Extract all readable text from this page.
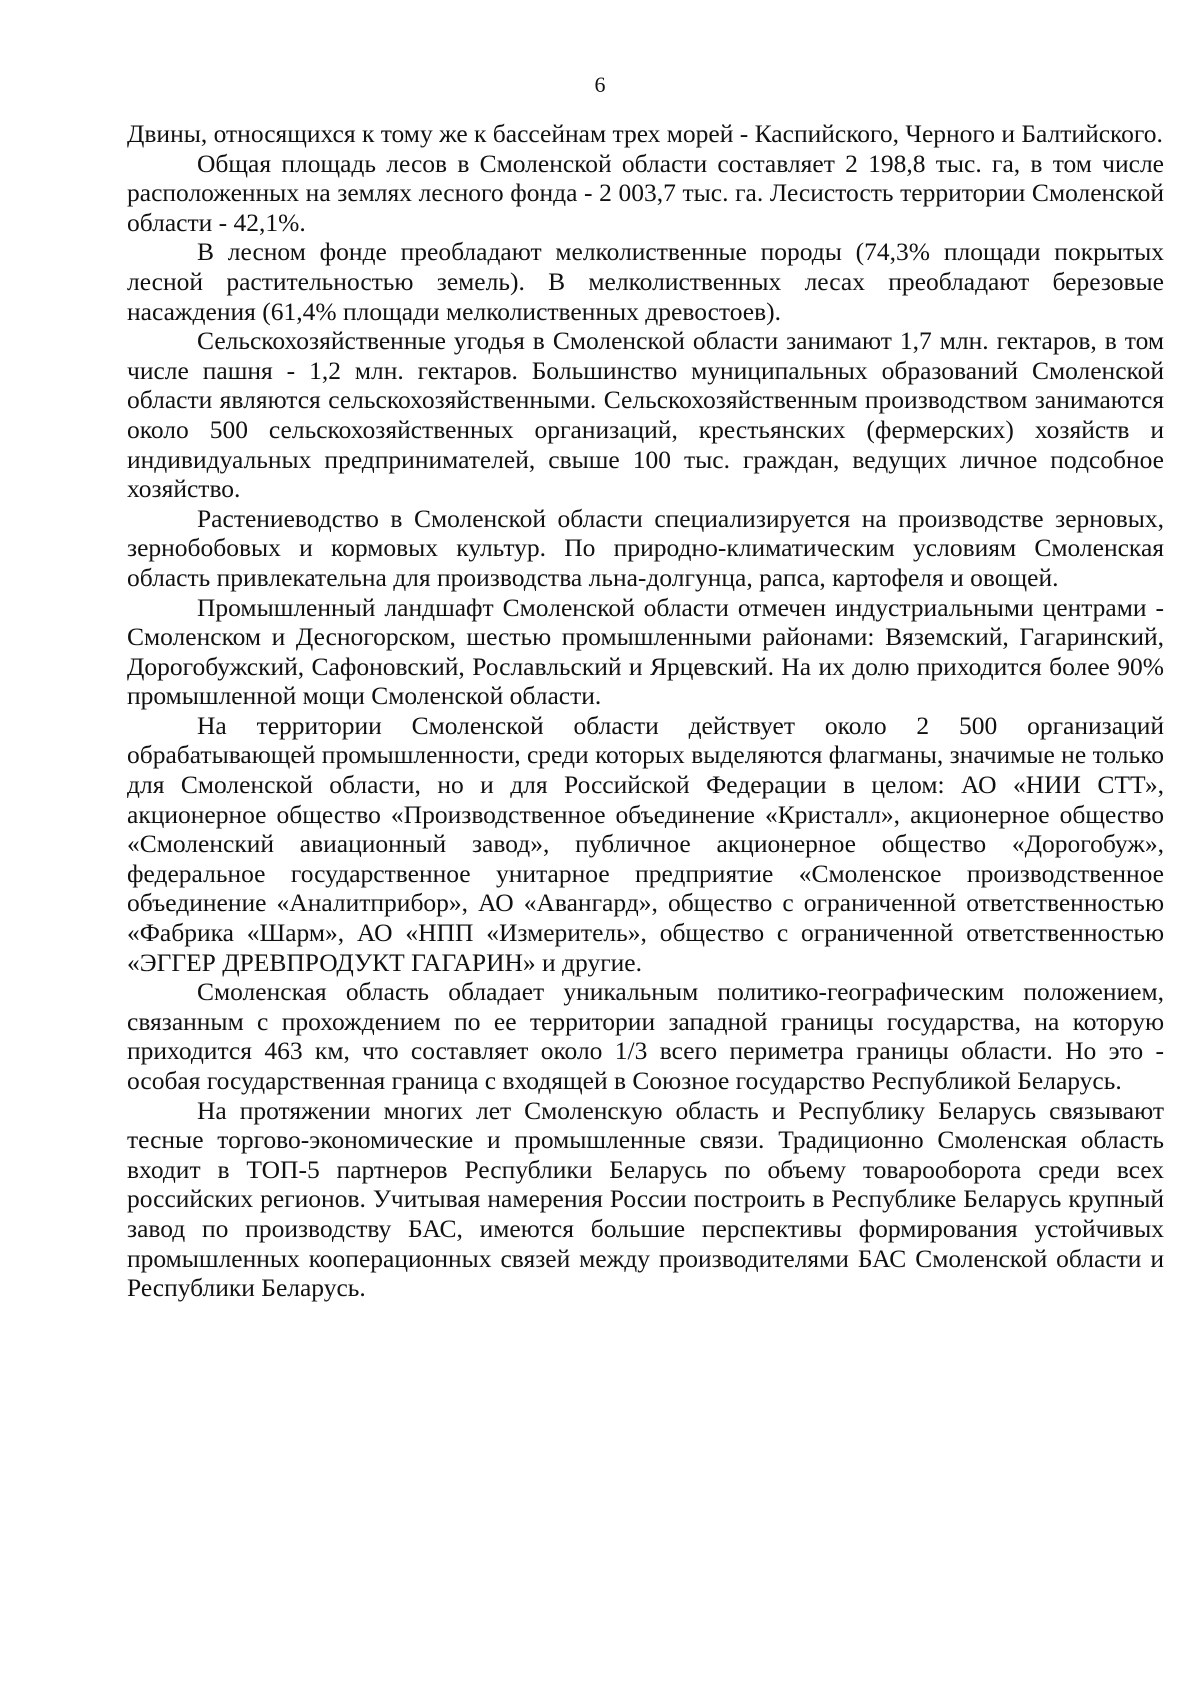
6

Двины, относящихся к тому же к бассейнам трех морей - Каспийского, Черного и Балтийского.

Общая площадь лесов в Смоленской области составляет 2 198,8 тыс. га, в том числе расположенных на землях лесного фонда - 2 003,7 тыс. га. Лесистость территории Смоленской области - 42,1%.

В лесном фонде преобладают мелколиственные породы (74,3% площади покрытых лесной растительностью земель). В мелколиственных лесах преобладают березовые насаждения (61,4% площади мелколиственных древостоев).

Сельскохозяйственные угодья в Смоленской области занимают 1,7 млн. гектаров, в том числе пашня - 1,2 млн. гектаров. Большинство муниципальных образований Смоленской области являются сельскохозяйственными. Сельскохозяйственным производством занимаются около 500 сельскохозяйственных организаций, крестьянских (фермерских) хозяйств и индивидуальных предпринимателей, свыше 100 тыс. граждан, ведущих личное подсобное хозяйство.

Растениеводство в Смоленской области специализируется на производстве зерновых, зернобобовых и кормовых культур. По природно-климатическим условиям Смоленская область привлекательна для производства льна-долгунца, рапса, картофеля и овощей.

Промышленный ландшафт Смоленской области отмечен индустриальными центрами - Смоленском и Десногорском, шестью промышленными районами: Вяземский, Гагаринский, Дорогобужский, Сафоновский, Рославльский и Ярцевский. На их долю приходится более 90% промышленной мощи Смоленской области.

На территории Смоленской области действует около 2 500 организаций обрабатывающей промышленности, среди которых выделяются флагманы, значимые не только для Смоленской области, но и для Российской Федерации в целом: АО «НИИ СТТ», акционерное общество «Производственное объединение «Кристалл», акционерное общество «Смоленский авиационный завод», публичное акционерное общество «Дорогобуж», федеральное государственное унитарное предприятие «Смоленское производственное объединение «Аналитприбор», АО «Авангард», общество с ограниченной ответственностью «Фабрика «Шарм», АО «НПП «Измеритель», общество с ограниченной ответственностью «ЭГГЕР ДРЕВПРОДУКТ ГАГАРИН» и другие.

Смоленская область обладает уникальным политико-географическим положением, связанным с прохождением по ее территории западной границы государства, на которую приходится 463 км, что составляет около 1/3 всего периметра границы области. Но это - особая государственная граница с входящей в Союзное государство Республикой Беларусь.

На протяжении многих лет Смоленскую область и Республику Беларусь связывают тесные торгово-экономические и промышленные связи. Традиционно Смоленская область входит в ТОП-5 партнеров Республики Беларусь по объему товарооборота среди всех российских регионов. Учитывая намерения России построить в Республике Беларусь крупный завод по производству БАС, имеются большие перспективы формирования устойчивых промышленных кооперационных связей между производителями БАС Смоленской области и Республики Беларусь.
